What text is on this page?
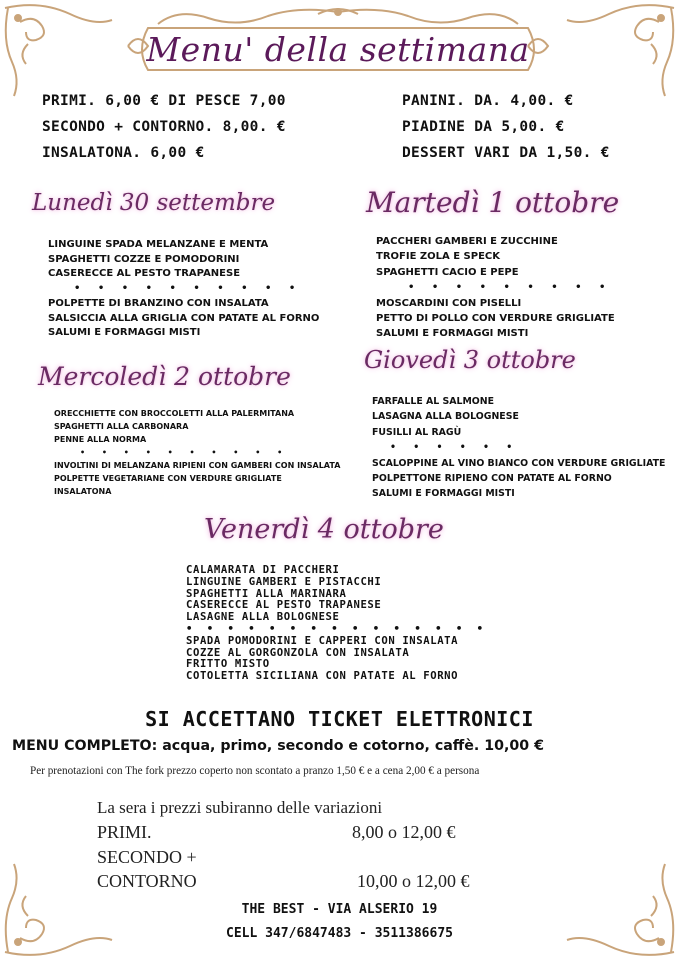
Menu' della settimana
PRIMI. 6,00 € DI PESCE 7,00
SECONDO + CONTORNO. 8,00. €
INSALATONA. 6,00 €
PANINI. DA. 4,00. €
PIADINE DA 5,00. €
DESSERT VARI DA 1,50. €
Lunedì 30 settembre
LINGUINE SPADA MELANZANE E MENTA
SPAGHETTI COZZE E POMODORINI
CASERECCE AL PESTO TRAPANESE
• • • • • • • • • •
POLPETTE DI BRANZINO CON INSALATA
SALSICCIA ALLA GRIGLIA CON PATATE AL FORNO
SALUMI E FORMAGGI MISTI
Martedì 1 ottobre
PACCHERI GAMBERI E ZUCCHINE
TROFIE ZOLA E SPECK
SPAGHETTI CACIO E PEPE
• • • • • • • • •
MOSCARDINI CON PISELLI
PETTO DI POLLO CON VERDURE GRIGLIATE
SALUMI E FORMAGGI MISTI
Mercoledì 2 ottobre
ORECCHIETTE CON BROCCOLETTI ALLA PALERMITANA
SPAGHETTI ALLA CARBONARA
PENNE ALLA NORMA
• • • • • • • • • •
INVOLTINI DI MELANZANA RIPIENI CON GAMBERI CON INSALATA
POLPETTE VEGETARIANE CON VERDURE GRIGLIATE
INSALATONA
Giovedì 3 ottobre
FARFALLE AL SALMONE
LASAGNA ALLA BOLOGNESE
FUSILLI AL RAGÙ
• • • • • •
SCALOPPINE AL VINO BIANCO CON VERDURE GRIGLIATE
POLPETTONE RIPIENO CON PATATE AL FORNO
SALUMI E FORMAGGI MISTI
Venerdì 4 ottobre
CALAMARATA DI PACCHERI
LINGUINE GAMBERI E PISTACCHI
SPAGHETTI ALLA MARINARA
CASERECCE AL PESTO TRAPANESE
LASAGNE ALLA BOLOGNESE
• • • • • • • • • • • • • • •
SPADA POMODORINI E CAPPERI CON INSALATA
COZZE AL GORGONZOLA CON INSALATA
FRITTO MISTO
COTOLETTA SICILIANA CON PATATE AL FORNO
SI ACCETTANO TICKET ELETTRONICI
MENU COMPLETO: acqua, primo, secondo e cotorno, caffè. 10,00 €
Per prenotazioni con The fork prezzo coperto non scontato a pranzo 1,50 € e a cena 2,00 € a persona
La sera i prezzi subiranno delle variazioni
PRIMI.	8,00 o 12,00 €
SECONDO +
CONTORNO	10,00 o 12,00 €
THE BEST - VIA ALSERIO 19
CELL 347/6847483 - 3511386675
